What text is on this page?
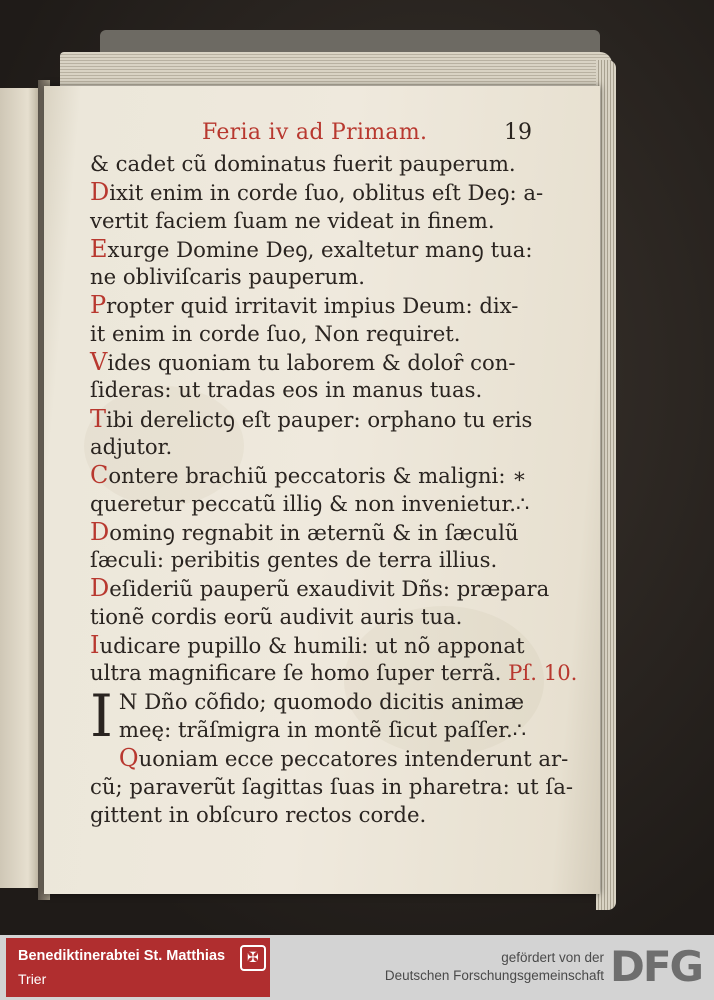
Feria iv ad Primam.	19
& cadet cũ dominatus fuerit pauperum.
Dixit enim in corde ſuo, oblitus eſt Deꝯ: a-
vertit faciem ſuam ne videat in finem.
Exurge Domine Deꝯ, exaltetur manꝯ tua:
ne obliviſcaris pauperum.
Propter quid irritavit impius Deum: dix-
it enim in corde ſuo, Non requiret.
Vides quoniam tu laborem & doloȓ con-
ſideras: ut tradas eos in manus tuas.
Tibi derelictꝯ eſt pauper: orphano tu eris
adjutor.
Contere brachiũ peccatoris & maligni: ∗
queretur peccatũ illiꝯ & non invenietur.∴
Dominꝯ regnabit in æternũ & in ſæculũ
ſæculi: peribitis gentes de terra illius.
Deſideriũ pauperũ exaudivit Dñs: præpara
tionẽ cordis eorũ audivit auris tua.
Iudicare pupillo & humili: ut nõ apponat
ultra magnificare ſe homo ſuper terrã. Pſ. 10.
I N Dño cõfido; quomodo dicitis animæ
meę: trãſmigra in montẽ ſicut paſſer.∴
Quoniam ecce peccatores intenderunt ar-
cũ; paraverũt ſagittas ſuas in pharetra: ut ſa-
gittent in obſcuro rectos corde.
Benediktinerabtei St. Matthias
Trier
✠	gefördert von der
Deutschen Forschungsgemeinschaft DFG
